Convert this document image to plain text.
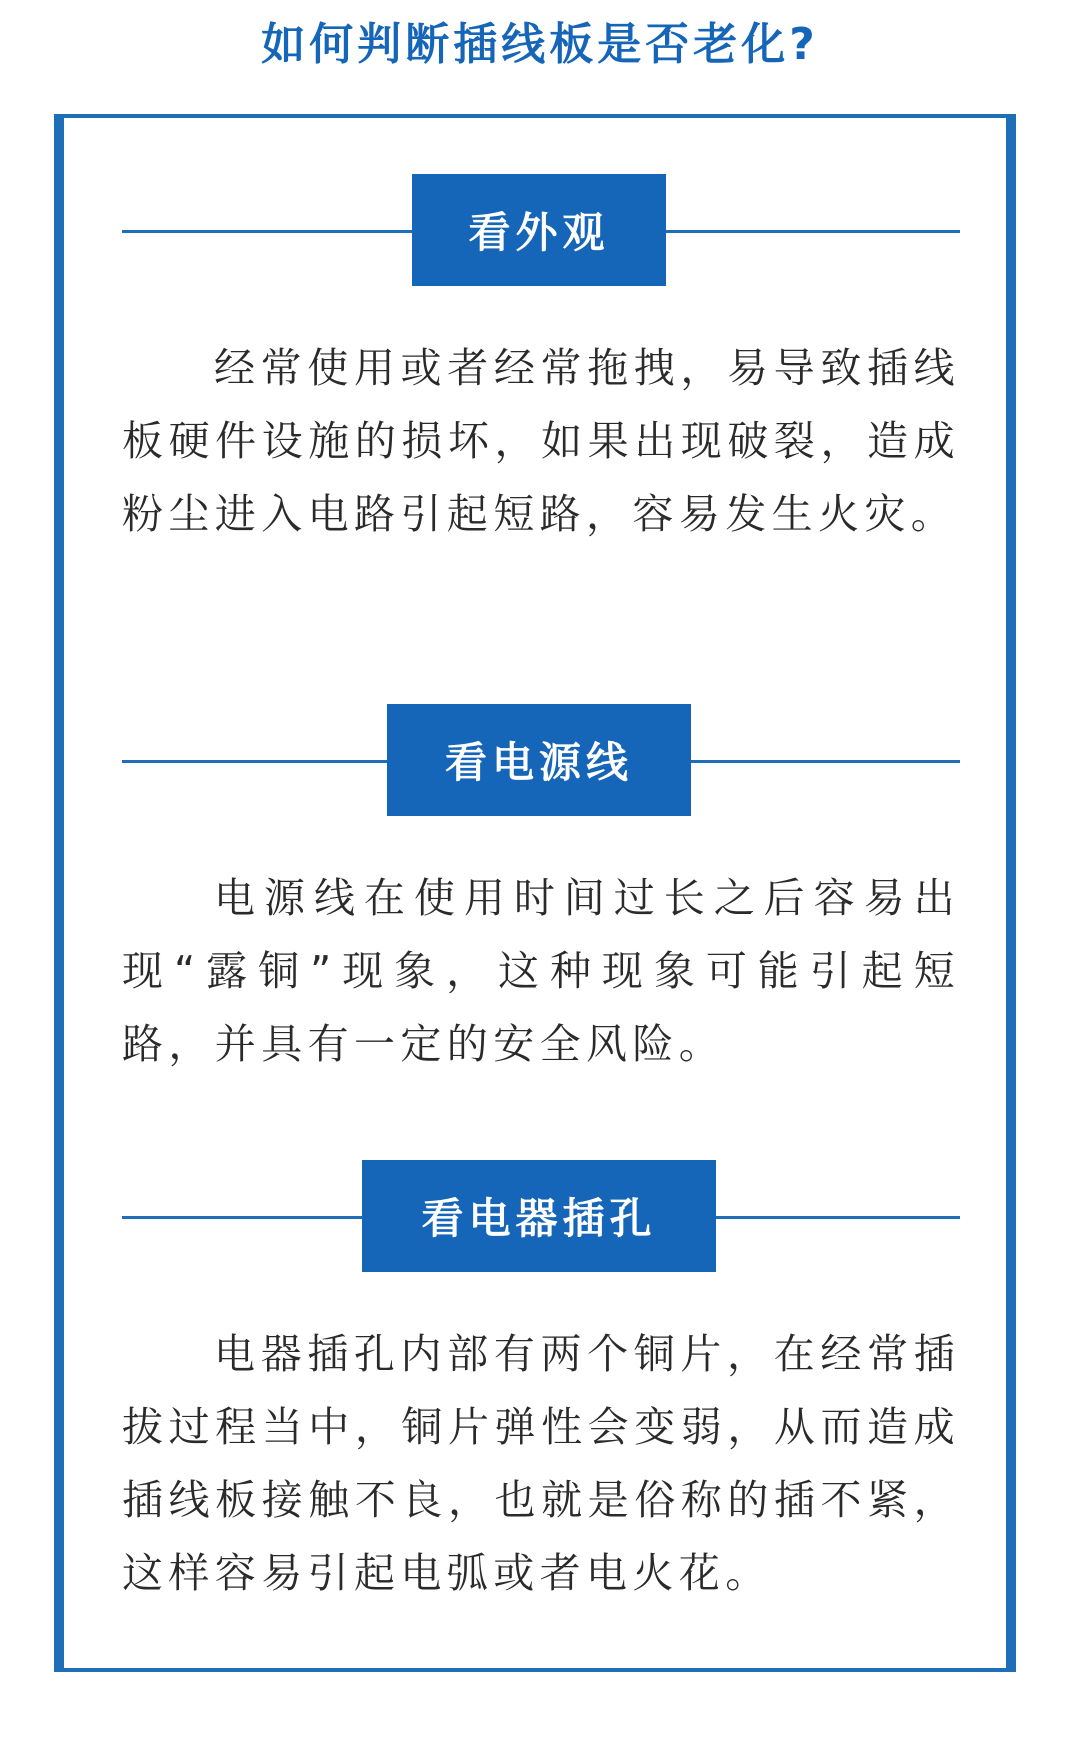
如何判断插线板是否老化?
看外观

经常使用或者经常拖拽，易导致插线板硬件设施的损坏，如果出现破裂，造成粉尘进入电路引起短路，容易发生火灾。

看电源线

电源线在使用时间过长之后容易出现“露铜”现象，这种现象可能引起短路，并具有一定的安全风险。

看电器插孔

电器插孔内部有两个铜片，在经常插拔过程当中，铜片弹性会变弱，从而造成插线板接触不良，也就是俗称的插不紧，这样容易引起电弧或者电火花。
